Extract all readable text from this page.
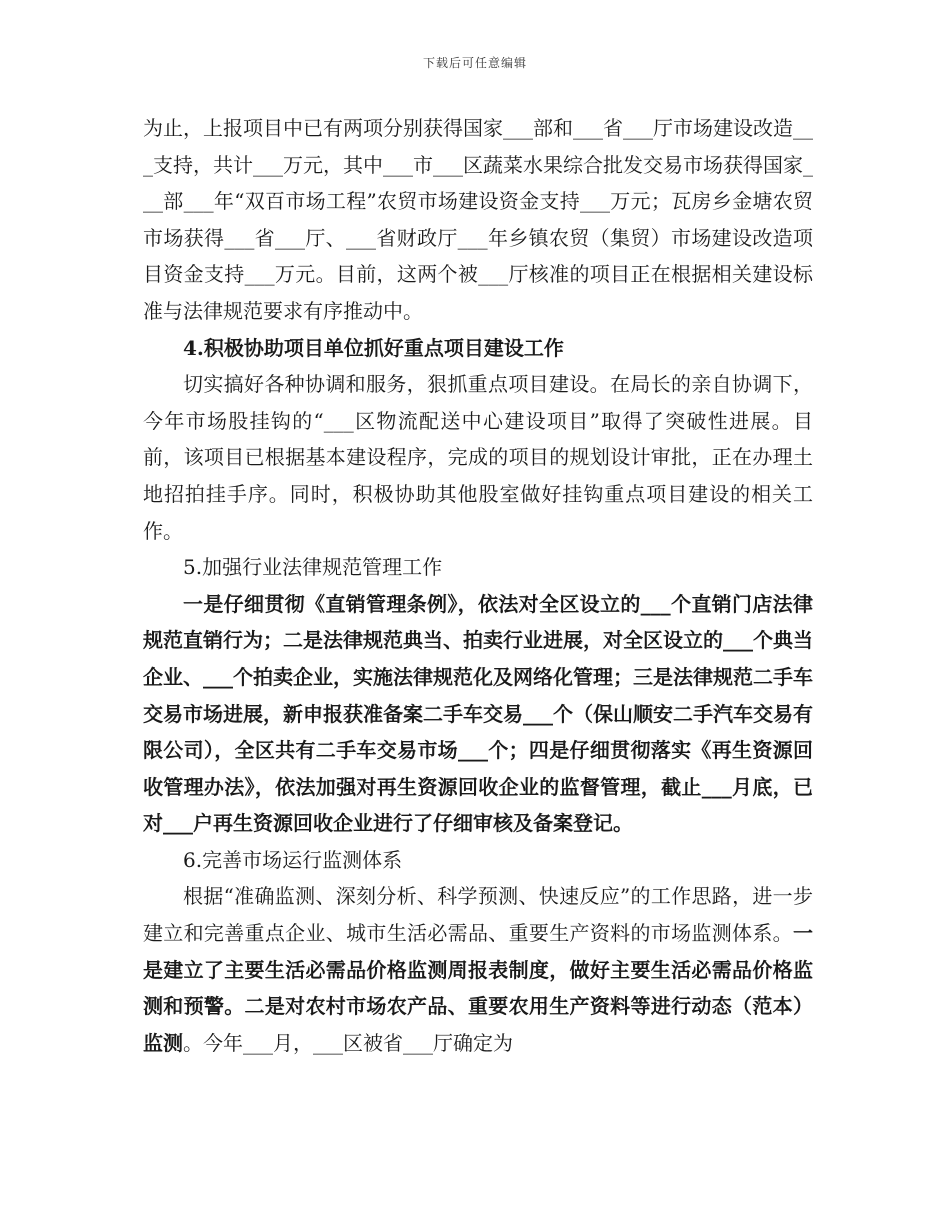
下载后可任意编辑

为止，上报项目中已有两项分别获得国家___部和___省___厅市场建设改造___支持，共计___万元，其中___市___区蔬菜水果综合批发交易市场获得国家___部___年“双百市场工程”农贸市场建设资金支持___万元；瓦房乡金塘农贸市场获得___省___厅、___省财政厅___年乡镇农贸（集贸）市场建设改造项目资金支持___万元。目前，这两个被___厅核准的项目正在根据相关建设标准与法律规范要求有序推动中。

4.积极协助项目单位抓好重点项目建设工作

切实搞好各种协调和服务，狠抓重点项目建设。在局长的亲自协调下，今年市场股挂钩的“___区物流配送中心建设项目”取得了突破性进展。目前，该项目已根据基本建设程序，完成的项目的规划设计审批，正在办理土地招拍挂手序。同时，积极协助其他股室做好挂钩重点项目建设的相关工作。

5.加强行业法律规范管理工作

一是仔细贯彻《直销管理条例》，依法对全区设立的___个直销门店法律规范直销行为；二是法律规范典当、拍卖行业进展，对全区设立的___个典当企业、___个拍卖企业，实施法律规范化及网络化管理；三是法律规范二手车交易市场进展，新申报获准备案二手车交易___个（保山顺安二手汽车交易有限公司），全区共有二手车交易市场___个；四是仔细贯彻落实《再生资源回收管理办法》，依法加强对再生资源回收企业的监督管理，截止___月底，已对___户再生资源回收企业进行了仔细审核及备案登记。

6.完善市场运行监测体系

根据“准确监测、深刻分析、科学预测、快速反应”的工作思路，进一步建立和完善重点企业、城市生活必需品、重要生产资料的市场监测体系。一是建立了主要生活必需品价格监测周报表制度，做好主要生活必需品价格监测和预警。二是对农村市场农产品、重要农用生产资料等进行动态（范本）监测。今年___月，___区被省___厅确定为
